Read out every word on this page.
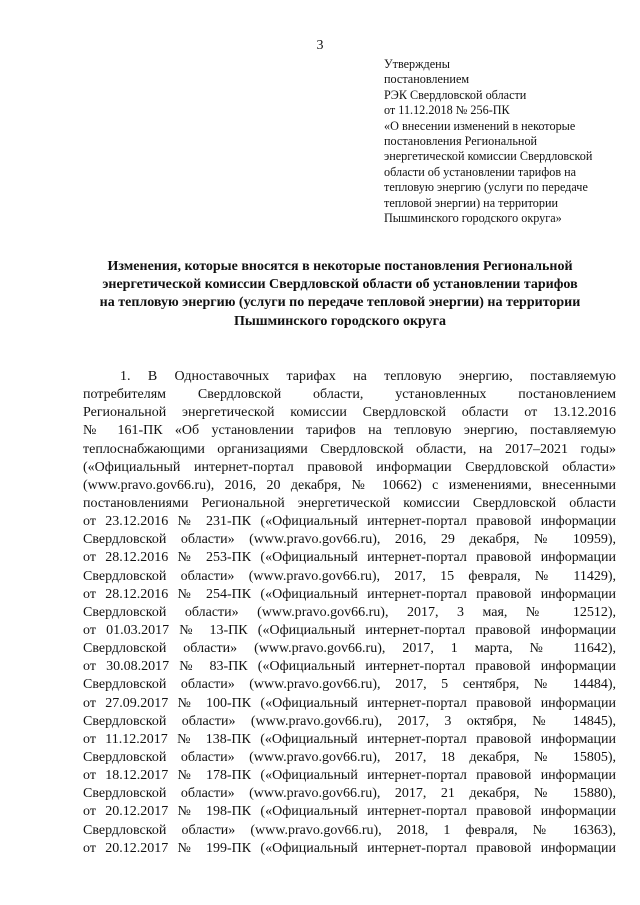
3
Утверждены
постановлением
РЭК Свердловской области
от 11.12.2018 № 256-ПК
«О внесении изменений в некоторые
постановления Региональной
энергетической комиссии Свердловской
области об установлении тарифов на
тепловую энергию (услуги по передаче
тепловой энергии) на территории
Пышминского городского округа»
Изменения, которые вносятся в некоторые постановления Региональной
энергетической комиссии Свердловской области об установлении тарифов
на тепловую энергию (услуги по передаче тепловой энергии) на территории
Пышминского городского округа
1. В Одноставочных тарифах на тепловую энергию, поставляемую
потребителям Свердловской области, установленных постановлением
Региональной энергетической комиссии Свердловской области от 13.12.2016
№ 161-ПК «Об установлении тарифов на тепловую энергию, поставляемую
теплоснабжающими организациями Свердловской области, на 2017–2021 годы»
(«Официальный интернет-портал правовой информации Свердловской области»
(www.pravo.gov66.ru), 2016, 20 декабря, № 10662) с изменениями, внесенными
постановлениями Региональной энергетической комиссии Свердловской области
от 23.12.2016 № 231-ПК («Официальный интернет-портал правовой информации
Свердловской области» (www.pravo.gov66.ru), 2016, 29 декабря, № 10959),
от 28.12.2016 № 253-ПК («Официальный интернет-портал правовой информации
Свердловской области» (www.pravo.gov66.ru), 2017, 15 февраля, № 11429),
от 28.12.2016 № 254-ПК («Официальный интернет-портал правовой информации
Свердловской области» (www.pravo.gov66.ru), 2017, 3 мая, № 12512),
от 01.03.2017 № 13-ПК («Официальный интернет-портал правовой информации
Свердловской области» (www.pravo.gov66.ru), 2017, 1 марта, № 11642),
от 30.08.2017 № 83-ПК («Официальный интернет-портал правовой информации
Свердловской области» (www.pravo.gov66.ru), 2017, 5 сентября, № 14484),
от 27.09.2017 № 100-ПК («Официальный интернет-портал правовой информации
Свердловской области» (www.pravo.gov66.ru), 2017, 3 октября, № 14845),
от 11.12.2017 № 138-ПК («Официальный интернет-портал правовой информации
Свердловской области» (www.pravo.gov66.ru), 2017, 18 декабря, № 15805),
от 18.12.2017 № 178-ПК («Официальный интернет-портал правовой информации
Свердловской области» (www.pravo.gov66.ru), 2017, 21 декабря, № 15880),
от 20.12.2017 № 198-ПК («Официальный интернет-портал правовой информации
Свердловской области» (www.pravo.gov66.ru), 2018, 1 февраля, № 16363),
от 20.12.2017 № 199-ПК («Официальный интернет-портал правовой информации
